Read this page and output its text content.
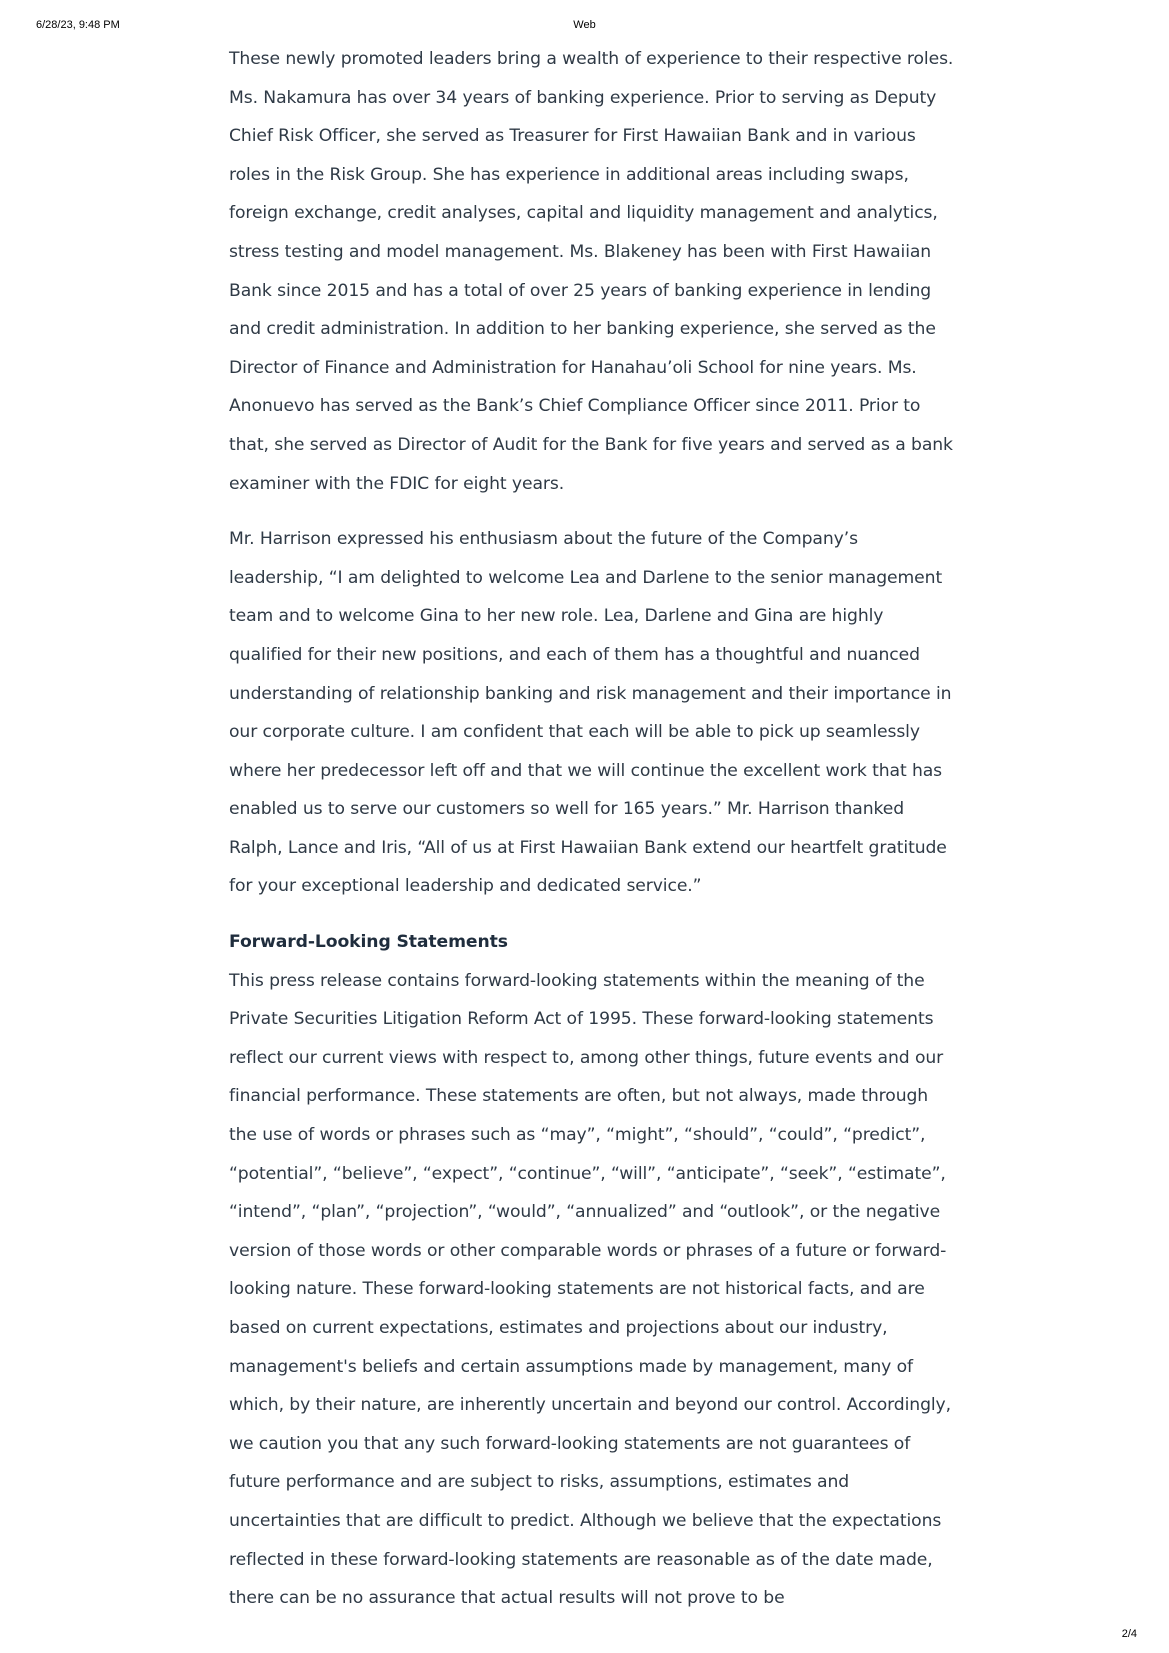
6/28/23, 9:48 PM	Web

These newly promoted leaders bring a wealth of experience to their respective roles. Ms. Nakamura has over 34 years of banking experience. Prior to serving as Deputy Chief Risk Officer, she served as Treasurer for First Hawaiian Bank and in various roles in the Risk Group. She has experience in additional areas including swaps, foreign exchange, credit analyses, capital and liquidity management and analytics, stress testing and model management. Ms. Blakeney has been with First Hawaiian Bank since 2015 and has a total of over 25 years of banking experience in lending and credit administration. In addition to her banking experience, she served as the Director of Finance and Administration for Hanahau’oli School for nine years. Ms. Anonuevo has served as the Bank’s Chief Compliance Officer since 2011. Prior to that, she served as Director of Audit for the Bank for five years and served as a bank examiner with the FDIC for eight years.

Mr. Harrison expressed his enthusiasm about the future of the Company’s leadership, “I am delighted to welcome Lea and Darlene to the senior management team and to welcome Gina to her new role. Lea, Darlene and Gina are highly qualified for their new positions, and each of them has a thoughtful and nuanced understanding of relationship banking and risk management and their importance in our corporate culture. I am confident that each will be able to pick up seamlessly where her predecessor left off and that we will continue the excellent work that has enabled us to serve our customers so well for 165 years.” Mr. Harrison thanked Ralph, Lance and Iris, “All of us at First Hawaiian Bank extend our heartfelt gratitude for your exceptional leadership and dedicated service.”

Forward-Looking Statements

This press release contains forward-looking statements within the meaning of the Private Securities Litigation Reform Act of 1995. These forward-looking statements reflect our current views with respect to, among other things, future events and our financial performance. These statements are often, but not always, made through the use of words or phrases such as “may”, “might”, “should”, “could”, “predict”, “potential”, “believe”, “expect”, “continue”, “will”, “anticipate”, “seek”, “estimate”, “intend”, “plan”, “projection”, “would”, “annualized” and “outlook”, or the negative version of those words or other comparable words or phrases of a future or forward-looking nature. These forward-looking statements are not historical facts, and are based on current expectations, estimates and projections about our industry, management's beliefs and certain assumptions made by management, many of which, by their nature, are inherently uncertain and beyond our control. Accordingly, we caution you that any such forward-looking statements are not guarantees of future performance and are subject to risks, assumptions, estimates and uncertainties that are difficult to predict. Although we believe that the expectations reflected in these forward-looking statements are reasonable as of the date made, there can be no assurance that actual results will not prove to be

2/4
